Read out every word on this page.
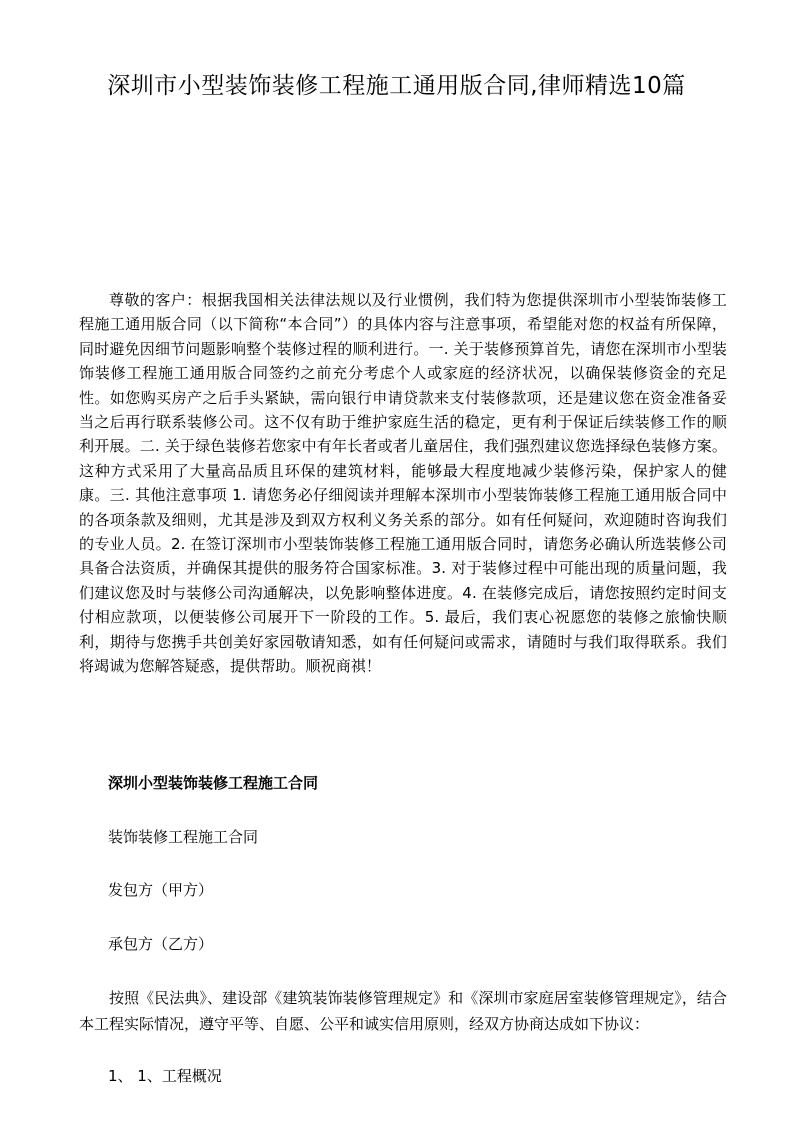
深圳市小型装饰装修工程施工通用版合同,律师精选10篇

尊敬的客户：根据我国相关法律法规以及行业惯例，我们特为您提供深圳市小型装饰装修工程施工通用版合同（以下简称“本合同”）的具体内容与注意事项，希望能对您的权益有所保障，同时避免因细节问题影响整个装修过程的顺利进行。一. 关于装修预算首先，请您在深圳市小型装饰装修工程施工通用版合同签约之前充分考虑个人或家庭的经济状况，以确保装修资金的充足性。如您购买房产之后手头紧缺，需向银行申请贷款来支付装修款项，还是建议您在资金准备妥当之后再行联系装修公司。这不仅有助于维护家庭生活的稳定，更有利于保证后续装修工作的顺利开展。二. 关于绿色装修若您家中有年长者或者儿童居住，我们强烈建议您选择绿色装修方案。这种方式采用了大量高品质且环保的建筑材料，能够最大程度地减少装修污染，保护家人的健康。三. 其他注意事项 1. 请您务必仔细阅读并理解本深圳市小型装饰装修工程施工通用版合同中的各项条款及细则，尤其是涉及到双方权利义务关系的部分。如有任何疑问，欢迎随时咨询我们的专业人员。2. 在签订深圳市小型装饰装修工程施工通用版合同时，请您务必确认所选装修公司具备合法资质，并确保其提供的服务符合国家标准。3. 对于装修过程中可能出现的质量问题，我们建议您及时与装修公司沟通解决，以免影响整体进度。4. 在装修完成后，请您按照约定时间支付相应款项，以便装修公司展开下一阶段的工作。5. 最后，我们衷心祝愿您的装修之旅愉快顺利，期待与您携手共创美好家园敬请知悉，如有任何疑问或需求，请随时与我们取得联系。我们将竭诚为您解答疑惑，提供帮助。顺祝商祺！

深圳小型装饰装修工程施工合同

装饰装修工程施工合同

发包方（甲方）

承包方（乙方）

按照《民法典》、建设部《建筑装饰装修管理规定》和《深圳市家庭居室装修管理规定》，结合本工程实际情况，遵守平等、自愿、公平和诚实信用原则，经双方协商达成如下协议：

1、 1、工程概况
